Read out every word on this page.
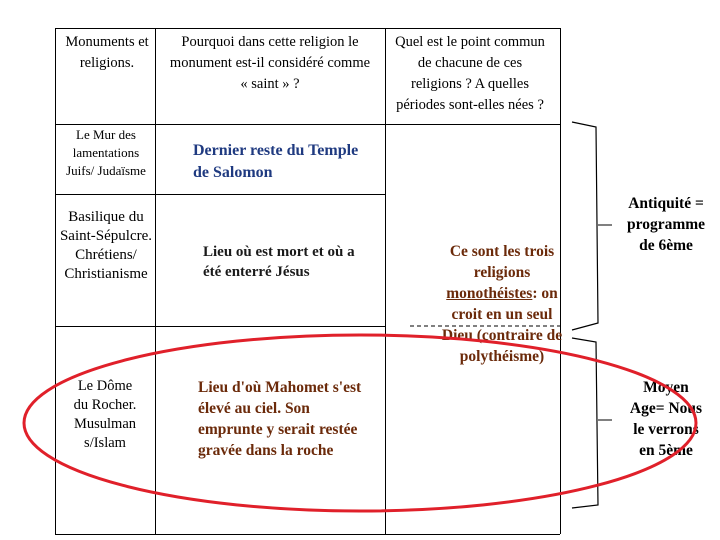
Monuments et
religions.
Pourquoi dans cette religion le
monument est-il considéré comme
« saint » ?
Quel est le point commun
de chacune de ces
religions ? A quelles
périodes sont-elles nées ?
Le Mur des
lamentations
Juifs/ Judaïsme
Dernier reste du Temple
de Salomon
Basilique du
Saint-Sépulcre.
Chrétiens/
Christianisme
Lieu où est mort et où a
été enterré Jésus
Le Dôme
du Rocher.
Musulman
s/Islam
Lieu d'où Mahomet s'est
élevé au ciel. Son
emprunte y serait restée
gravée dans la roche
Ce sont les trois
religions
monothéistes: on
croit en un seul
Dieu (contraire de
polythéisme)
Antiquité =
programme
de 6ème
Moyen
Age= Nous
le verrons
en 5ème
